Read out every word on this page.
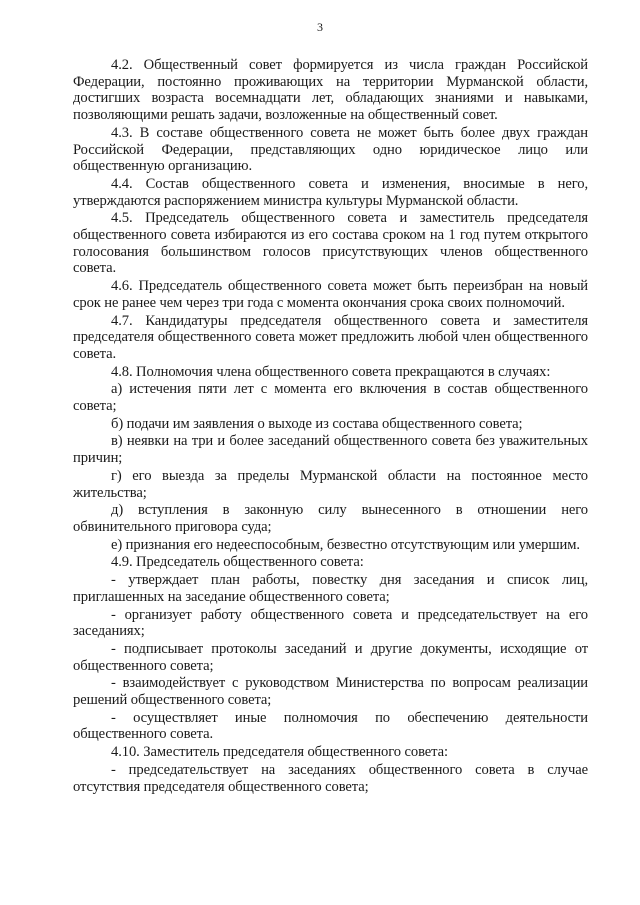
3

4.2. Общественный совет формируется из числа граждан Российской Федерации, постоянно проживающих на территории Мурманской области, достигших возраста восемнадцати лет, обладающих знаниями и навыками, позволяющими решать задачи, возложенные на общественный совет.

4.3. В составе общественного совета не может быть более двух граждан Российской Федерации, представляющих одно юридическое лицо или общественную организацию.

4.4. Состав общественного совета и изменения, вносимые в него, утверждаются распоряжением министра культуры Мурманской области.

4.5. Председатель общественного совета и заместитель председателя общественного совета избираются из его состава сроком на 1 год путем открытого голосования большинством голосов присутствующих членов общественного совета.

4.6. Председатель общественного совета может быть переизбран на новый срок не ранее чем через три года с момента окончания срока своих полномочий.

4.7. Кандидатуры председателя общественного совета и заместителя председателя общественного совета может предложить любой член общественного совета.

4.8. Полномочия члена общественного совета прекращаются в случаях:

а) истечения пяти лет с момента его включения в состав общественного совета;

б) подачи им заявления о выходе из состава общественного совета;

в) неявки на три и более заседаний общественного совета без уважительных причин;

г) его выезда за пределы Мурманской области на постоянное место жительства;

д) вступления в законную силу вынесенного в отношении него обвинительного приговора суда;

е) признания его недееспособным, безвестно отсутствующим или умершим.

4.9. Председатель общественного совета:

- утверждает план работы, повестку дня заседания и список лиц, приглашенных на заседание общественного совета;

- организует работу общественного совета и председательствует на его заседаниях;

- подписывает протоколы заседаний и другие документы, исходящие от общественного совета;

- взаимодействует с руководством Министерства по вопросам реализации решений общественного совета;

- осуществляет иные полномочия по обеспечению деятельности общественного совета.

4.10. Заместитель председателя общественного совета:

- председательствует на заседаниях общественного совета в случае отсутствия председателя общественного совета;
